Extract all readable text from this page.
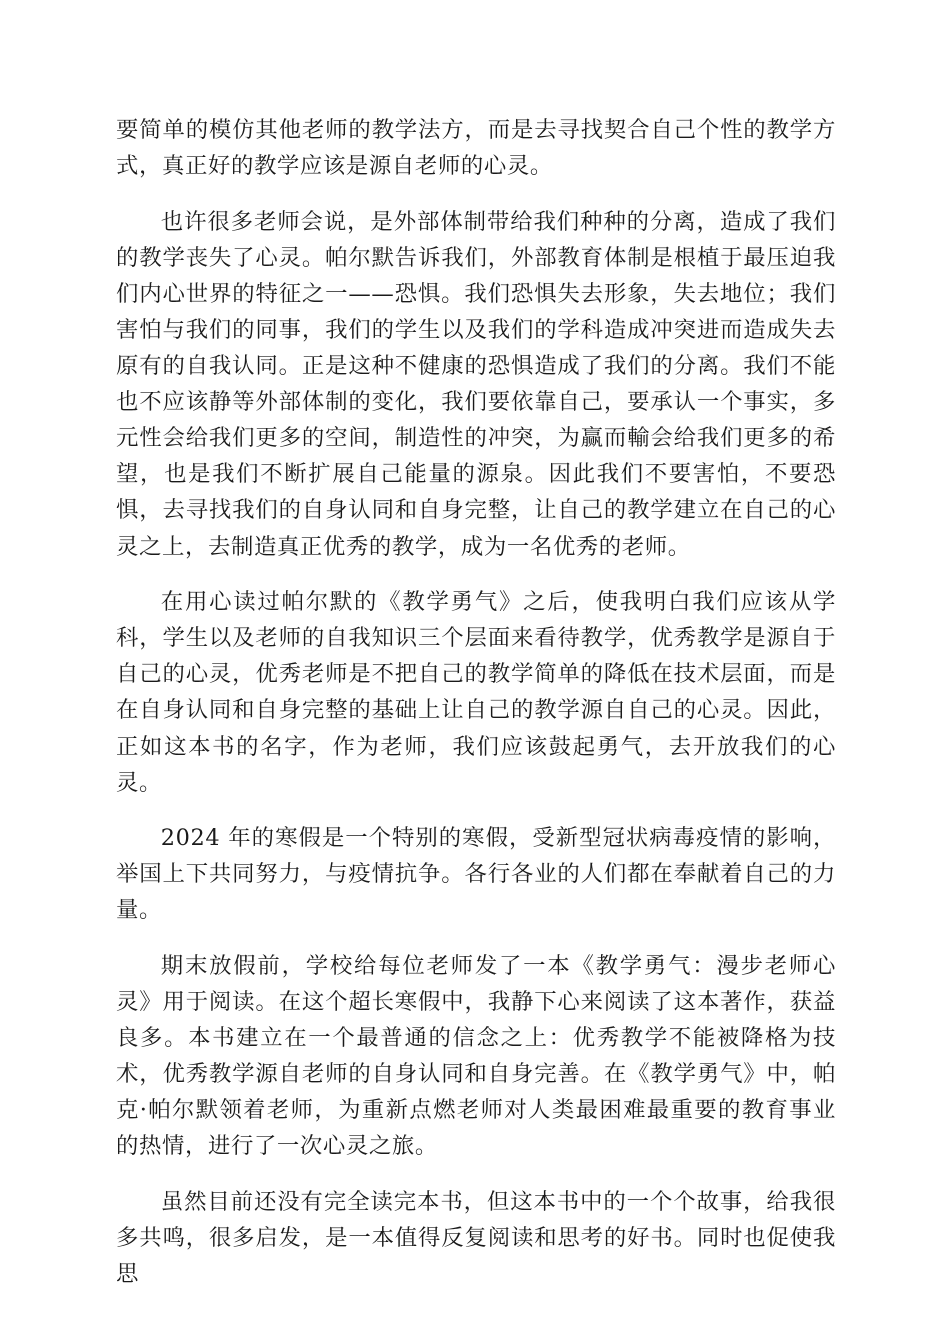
要简单的模仿其他老师的教学法方，而是去寻找契合自己个性的教学方式，真正好的教学应该是源自老师的心灵。

也许很多老师会说，是外部体制带给我们种种的分离，造成了我们的教学丧失了心灵。帕尔默告诉我们，外部教育体制是根植于最压迫我们内心世界的特征之一——恐惧。我们恐惧失去形象，失去地位；我们害怕与我们的同事，我们的学生以及我们的学科造成冲突进而造成失去原有的自我认同。正是这种不健康的恐惧造成了我们的分离。我们不能也不应该静等外部体制的变化，我们要依靠自己，要承认一个事实，多元性会给我们更多的空间，制造性的冲突，为赢而輸会给我们更多的希望，也是我们不断扩展自己能量的源泉。因此我们不要害怕，不要恐惧，去寻找我们的自身认同和自身完整，让自己的教学建立在自己的心灵之上，去制造真正优秀的教学，成为一名优秀的老师。

在用心读过帕尔默的《教学勇气》之后，使我明白我们应该从学科，学生以及老师的自我知识三个层面来看待教学，优秀教学是源自于自己的心灵，优秀老师是不把自己的教学简单的降低在技术层面，而是在自身认同和自身完整的基础上让自己的教学源自自己的心灵。因此，正如这本书的名字，作为老师，我们应该鼓起勇气，去开放我们的心灵。

2024 年的寒假是一个特别的寒假，受新型冠状病毒疫情的影响，举国上下共同努力，与疫情抗争。各行各业的人们都在奉献着自己的力量。

期末放假前，学校给每位老师发了一本《教学勇气：漫步老师心灵》用于阅读。在这个超长寒假中，我静下心来阅读了这本著作，获益良多。本书建立在一个最普通的信念之上：优秀教学不能被降格为技术，优秀教学源自老师的自身认同和自身完善。在《教学勇气》中，帕克·帕尔默领着老师，为重新点燃老师对人类最困难最重要的教育事业的热情，进行了一次心灵之旅。

虽然目前还没有完全读完本书，但这本书中的一个个故事，给我很多共鸣，很多启发，是一本值得反复阅读和思考的好书。同时也促使我思
